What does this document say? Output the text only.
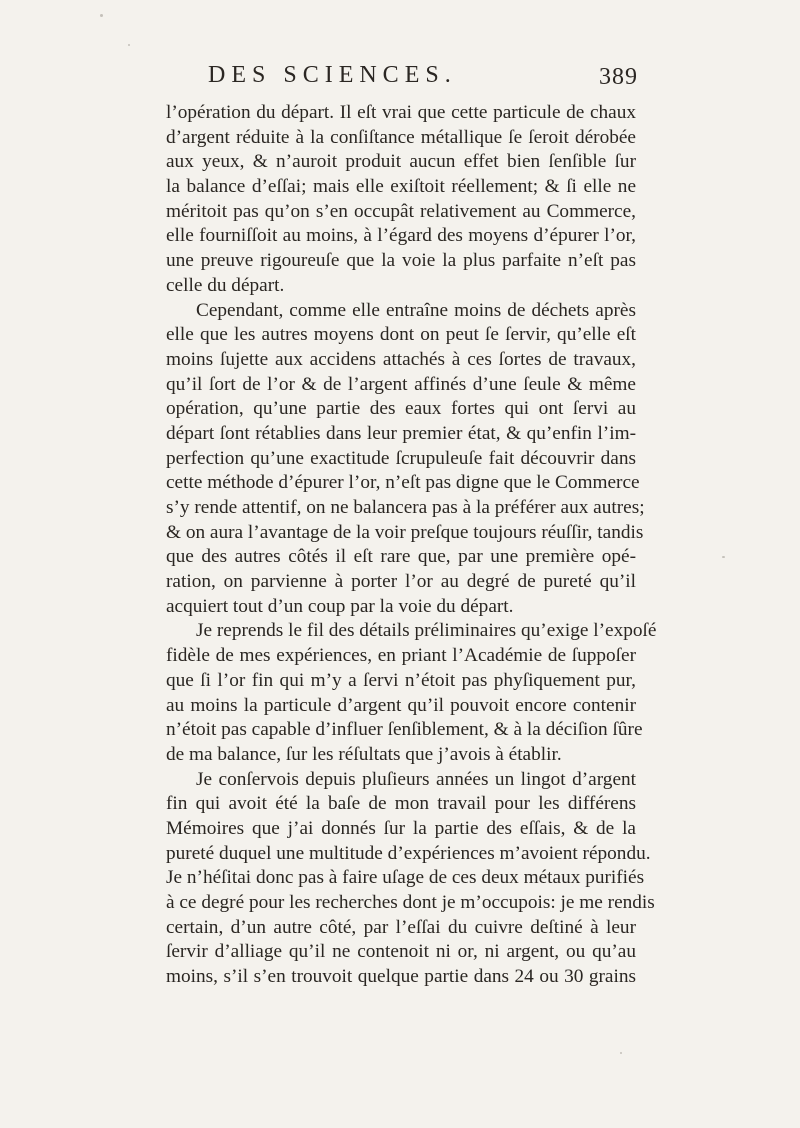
DES SCIENCES.	389
l’opération du départ. Il eſt vrai que cette particule de chaux
d’argent réduite à la conſiſtance métallique ſe ſeroit dérobée
aux yeux, & n’auroit produit aucun effet bien ſenſible ſur
la balance d’eſſai; mais elle exiſtoit réellement; & ſi elle ne
méritoit pas qu’on s’en occupât relativement au Commerce,
elle fourniſſoit au moins, à l’égard des moyens d’épurer l’or,
une preuve rigoureuſe que la voie la plus parfaite n’eſt pas
celle du départ.
Cependant, comme elle entraîne moins de déchets après
elle que les autres moyens dont on peut ſe ſervir, qu’elle eſt
moins ſujette aux accidens attachés à ces ſortes de travaux,
qu’il ſort de l’or & de l’argent affinés d’une ſeule & même
opération, qu’une partie des eaux fortes qui ont ſervi au
départ ſont rétablies dans leur premier état, & qu’enfin l’im-
perfection qu’une exactitude ſcrupuleuſe fait découvrir dans
cette méthode d’épurer l’or, n’eſt pas digne que le Commerce
s’y rende attentif, on ne balancera pas à la préférer aux autres;
& on aura l’avantage de la voir preſque toujours réuſſir, tandis
que des autres côtés il eſt rare que, par une première opé-
ration, on parvienne à porter l’or au degré de pureté qu’il
acquiert tout d’un coup par la voie du départ.
Je reprends le fil des détails préliminaires qu’exige l’expoſé
fidèle de mes expériences, en priant l’Académie de ſuppoſer
que ſi l’or fin qui m’y a ſervi n’étoit pas phyſiquement pur,
au moins la particule d’argent qu’il pouvoit encore contenir
n’étoit pas capable d’influer ſenſiblement, & à la déciſion ſûre
de ma balance, ſur les réſultats que j’avois à établir.
Je conſervois depuis pluſieurs années un lingot d’argent
fin qui avoit été la baſe de mon travail pour les différens
Mémoires que j’ai donnés ſur la partie des eſſais, & de la
pureté duquel une multitude d’expériences m’avoient répondu.
Je n’héſitai donc pas à faire uſage de ces deux métaux purifiés
à ce degré pour les recherches dont je m’occupois: je me rendis
certain, d’un autre côté, par l’eſſai du cuivre deſtiné à leur
ſervir d’alliage qu’il ne contenoit ni or, ni argent, ou qu’au
moins, s’il s’en trouvoit quelque partie dans 24 ou 30 grains
